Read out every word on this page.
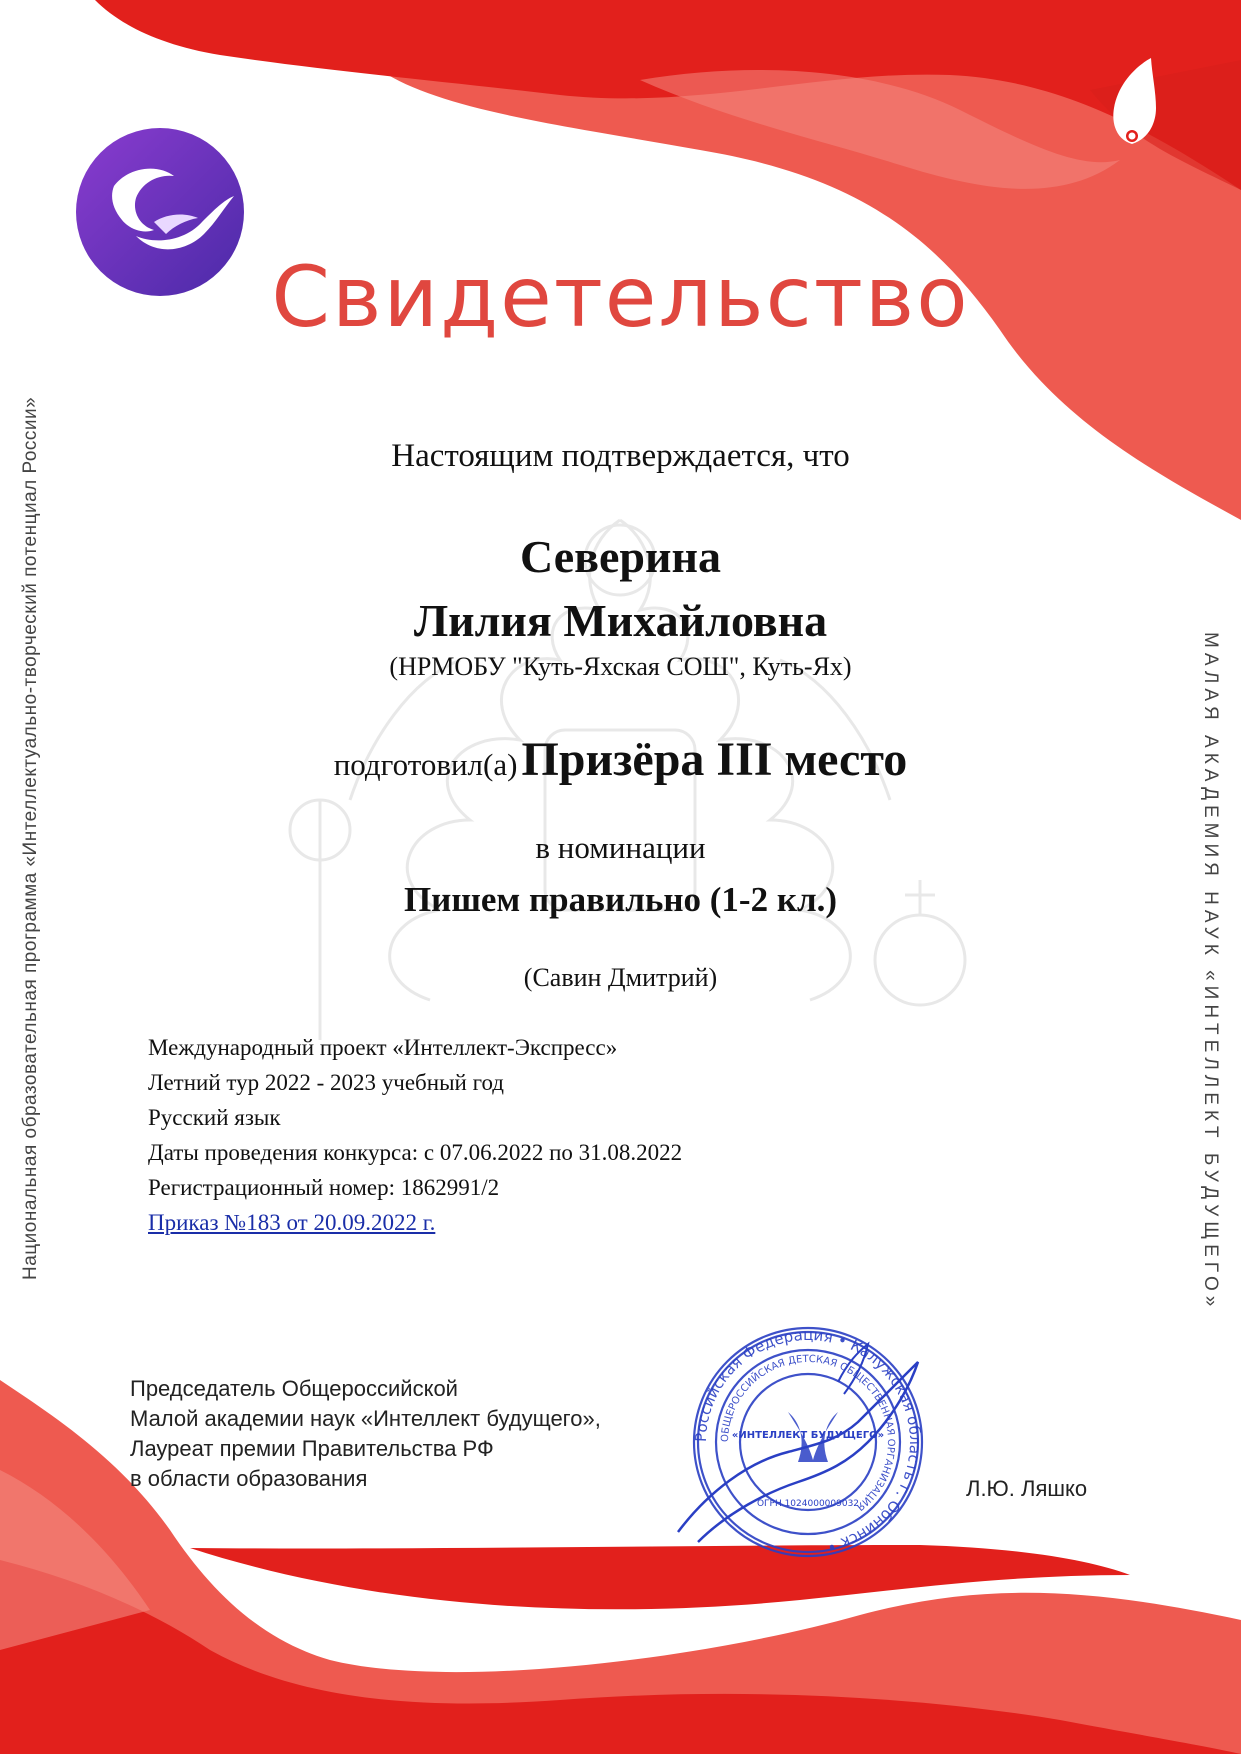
Свидетельство
Настоящим подтверждается, что
Северина
Лилия Михайловна
(НРМОБУ "Куть-Яхская СОШ", Куть-Ях)
подготовил(а) Призёра III место
в номинации
Пишем правильно (1-2 кл.)
(Савин Дмитрий)
Международный проект «Интеллект-Экспресс»
Летний тур 2022 - 2023 учебный год
Русский язык
Даты проведения конкурса: с 07.06.2022 по 31.08.2022
Регистрационный номер: 1862991/2
Приказ №183 от 20.09.2022 г.
Национальная образовательная программа «Интеллектуально-творческий потенциал России»	МАЛАЯ АКАДЕМИЯ НАУК «ИНТЕЛЛЕКТ БУДУЩЕГО»
Председатель Общероссийской
Малой академии наук «Интеллект будущего»,
Лауреат премии Правительства РФ
в области образования	Л.Ю. Ляшко
Российская Федерация • Калужская область г. Обнинск •
ОБЩЕРОССИЙСКАЯ ДЕТСКАЯ ОБЩЕСТВЕННАЯ ОРГАНИЗАЦИЯ
«ИНТЕЛЛЕКТ БУДУЩЕГО»
ОГРН 1024000009032
